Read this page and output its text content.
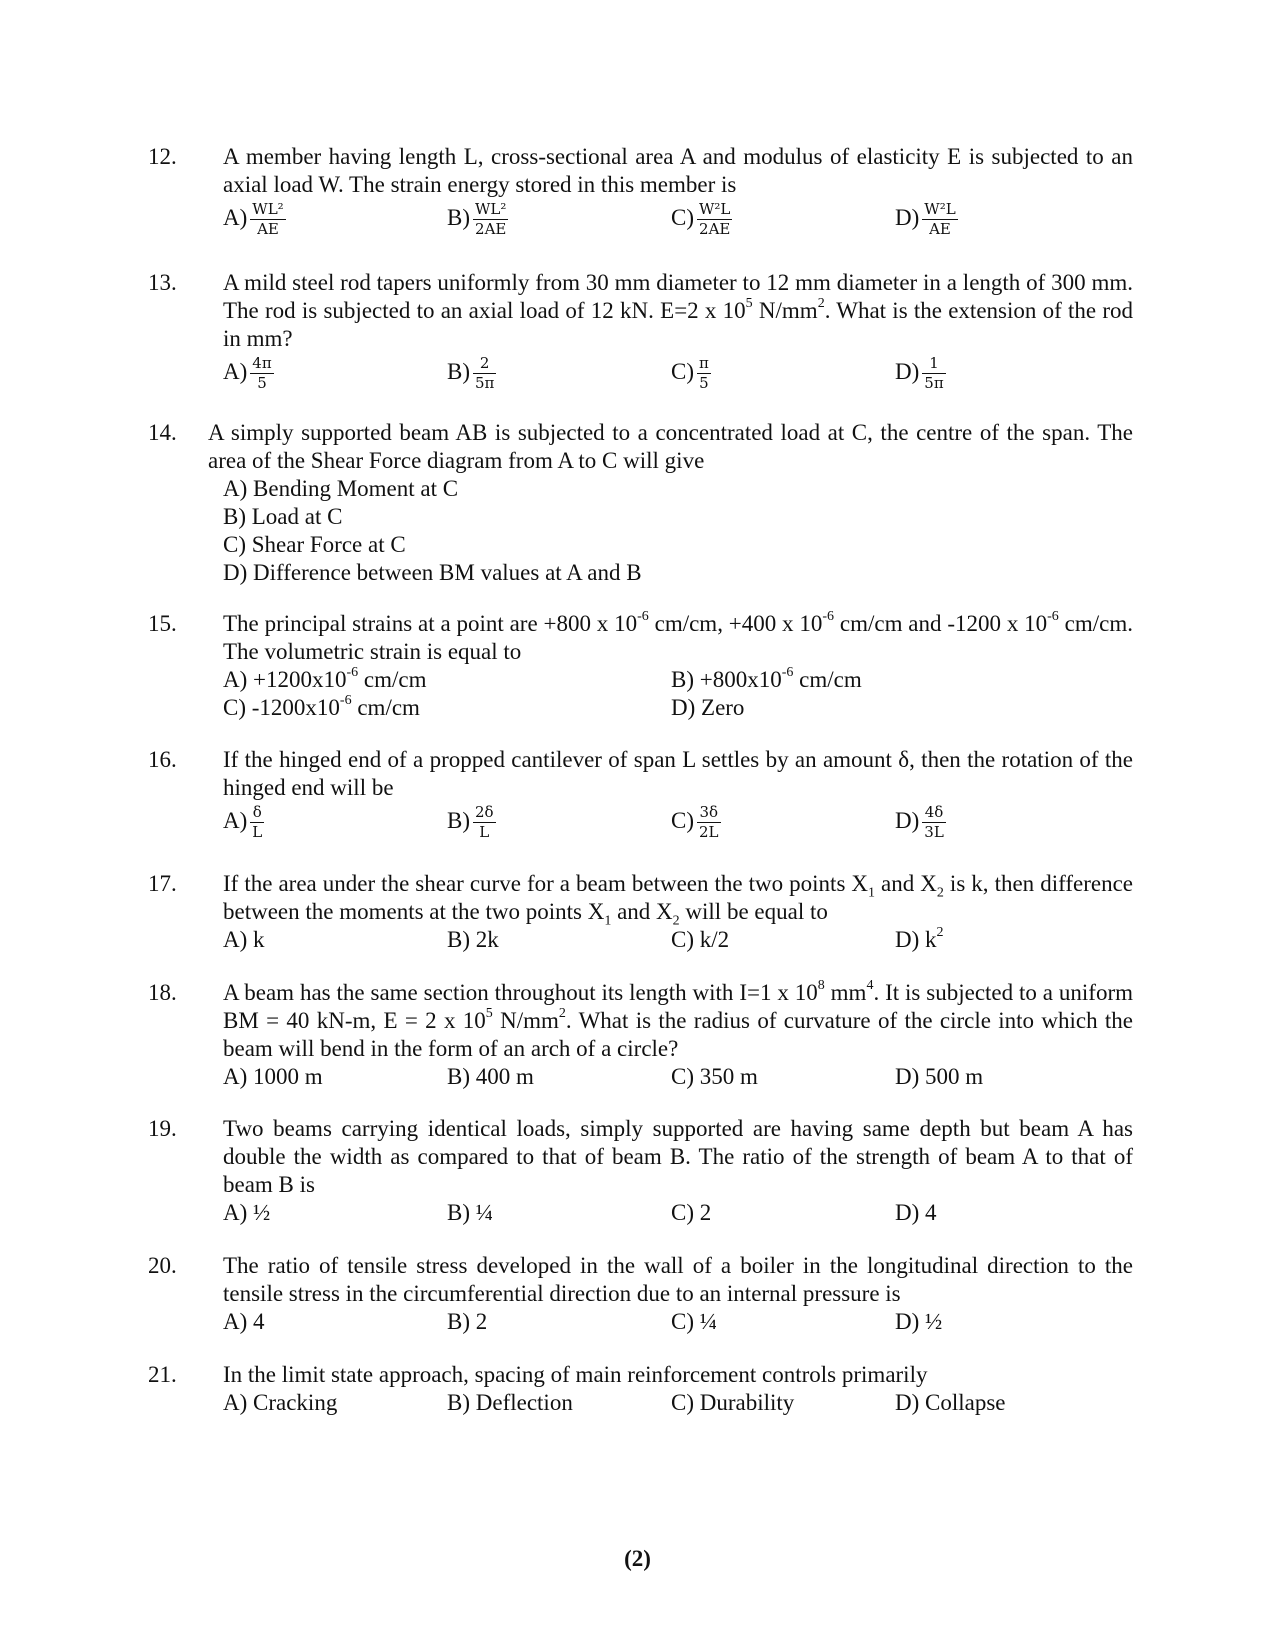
12.	A member having length L, cross-sectional area A and modulus of elasticity E is subjected to an axial load W. The strain energy stored in this member is
$A) \frac{\text{WL²}}{AE}$	$B) \frac{\text{WL²}}{2AE}$	$C) \frac{\text{W²L}}{2AE}$	$D) \frac{\text{W²L}}{AE}$
13.	A mild steel rod tapers uniformly from 30 mm diameter to 12 mm diameter in a length of 300 mm. The rod is subjected to an axial load of 12 kN. E=2 x $10^5$ $N/mm^2$. What is the extension of the rod in mm?
$A) \frac{4\pi}{5}$	$B) \frac{2}{5\pi}$	$C) \frac{\pi}{5}$	$D) \frac{1}{5\pi}$
14.	A simply supported beam AB is subjected to a concentrated load at C, the centre of the span. The area of the Shear Force diagram from A to C will give
A) Bending Moment at C
B) Load at C
C) Shear Force at C
D) Difference between BM values at A and B
15.	The principal strains at a point are +800 x $10^{-6}$ cm/cm, +400 x $10^{-6}$ cm/cm and -1200 x $10^{-6}$ cm/cm. The volumetric strain is equal to
$A) +1200x10^{-6}$ cm/cm	$B) +800x10^{-6}$ cm/cm
C) $-1200x10^{-6}$ cm/cm	D) Zero
16.	If the hinged end of a propped cantilever of span L settles by an amount δ, then the rotation of the hinged end will be
$A) \frac{\delta}{L}$	$B) \frac{2\delta}{L}$	$C) \frac{3\delta}{2L}$	$D) \frac{4\delta}{3L}$
17.	If the area under the shear curve for a beam between the two points $X_1$ and $X_2$ is k, then difference between the moments at the two points $X_1$ and $X_2$ will be equal to
A) k	B) 2k	C) k/2	D) $k^2$
18.	A beam has the same section throughout its length with I=1 x $10^8$ $mm^4$. It is subjected to a uniform BM = 40 kN-m, E = 2 x $10^5$ $N/mm^2$. What is the radius of curvature of the circle into which the beam will bend in the form of an arch of a circle?
A) 1000 m	B) 400 m	C) 350 m	D) 500 m
19.	Two beams carrying identical loads, simply supported are having same depth but beam A has double the width as compared to that of beam B. The ratio of the strength of beam A to that of beam B is
A) ½	B) ¼	C) 2	D) 4
20.	The ratio of tensile stress developed in the wall of a boiler in the longitudinal direction to the tensile stress in the circumferential direction due to an internal pressure is
A) 4	B) 2	C) ¼	D) ½
21.	In the limit state approach, spacing of main reinforcement controls primarily
A) Cracking	B) Deflection	C) Durability	D) Collapse
(2)
